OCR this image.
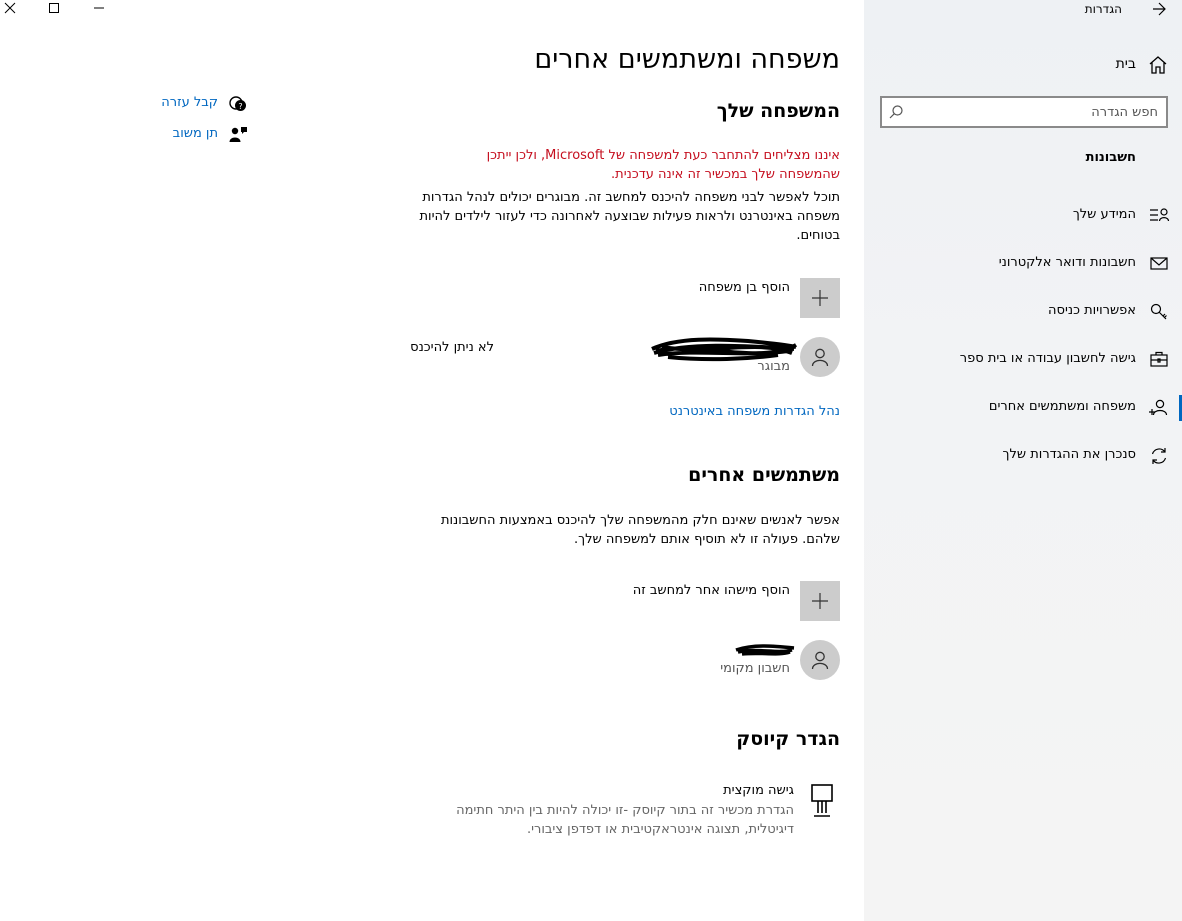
?
קבל עזרה
תן משוב
משפחה ומשתמשים אחרים
המשפחה שלך
איננו מצליחים להתחבר כעת למשפחה של Microsoft, ולכן ייתכן שהמשפחה שלך במכשיר זה אינה עדכנית.
תוכל לאפשר לבני משפחה להיכנס למחשב זה. מבוגרים יכולים לנהל הגדרות משפחה באינטרנט ולראות פעילות שבוצעה לאחרונה כדי לעזור לילדים להיות בטוחים.
הוסף בן משפחה
מבוגר
לא ניתן להיכנס
נהל הגדרות משפחה באינטרנט
משתמשים אחרים
אפשר לאנשים שאינם חלק מהמשפחה שלך להיכנס באמצעות החשבונות שלהם. פעולה זו לא תוסיף אותם למשפחה שלך.
הוסף מישהו אחר למחשב זה
חשבון מקומי
הגדר קיוסק
גישה מוקצית
הגדרת מכשיר זה בתור קיוסק -זו יכולה להיות בין היתר חתימה דיגיטלית, תצוגה אינטראקטיבית או דפדפן ציבורי.
הגדרות
בית
חפש הגדרה
חשבונות
המידע שלך
חשבונות ודואר אלקטרוני
אפשרויות כניסה
גישה לחשבון עבודה או בית ספר
משפחה ומשתמשים אחרים
סנכרן את ההגדרות שלך
